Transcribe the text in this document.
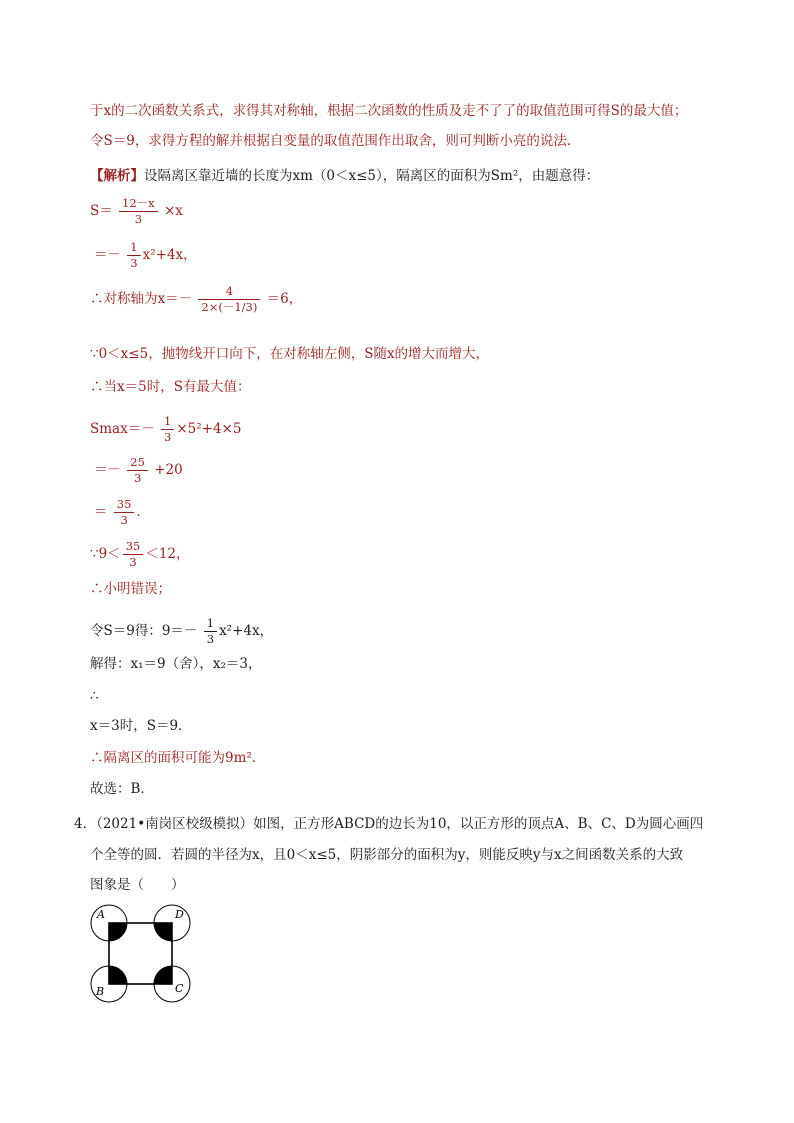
于x的二次函数关系式，求得其对称轴，根据二次函数的性质及走不了了的取值范围可得S的最大值；
令S＝9，求得方程的解并根据自变量的取值范围作出取舍，则可判断小亮的说法．
【解析】设隔离区靠近墙的长度为xm（0＜x≤5），隔离区的面积为Sm²，由题意得：
$S= \frac{12-x}{3} \times x$
＝－ $\frac{1}{3} x^2+4x$，
∴对称轴为$x=- \frac{4}{2\times(-1/3)} =6$，
∵0＜x≤5，抛物线开口向下，在对称轴左侧，S随x的增大而增大，
∴当x＝5时，S有最大值：
$Smax=- \frac{1}{3} \times 5^2+4\times 5$
＝－ $\frac{25}{3} +20$
＝ $\frac{35}{3}$ ．
∵9＜ $\frac{35}{3} <12$，
∴小明错误；
令S＝9得：$9=- \frac{1}{3} x^2+4x$，
解得：x₁＝9（舍），x₂＝3，
∴
x＝3时，S＝9．
∴隔离区的面积可能为9m²．
故选：B．
4．（2021•南岗区校级模拟）如图，正方形ABCD的边长为10，以正方形的顶点A、B、C、D为圆心画四
个全等的圆．若圆的半径为x，且0＜x≤5，阴影部分的面积为y，则能反映y与x之间函数关系的大致
图象是（　　）
A	D
B	C
